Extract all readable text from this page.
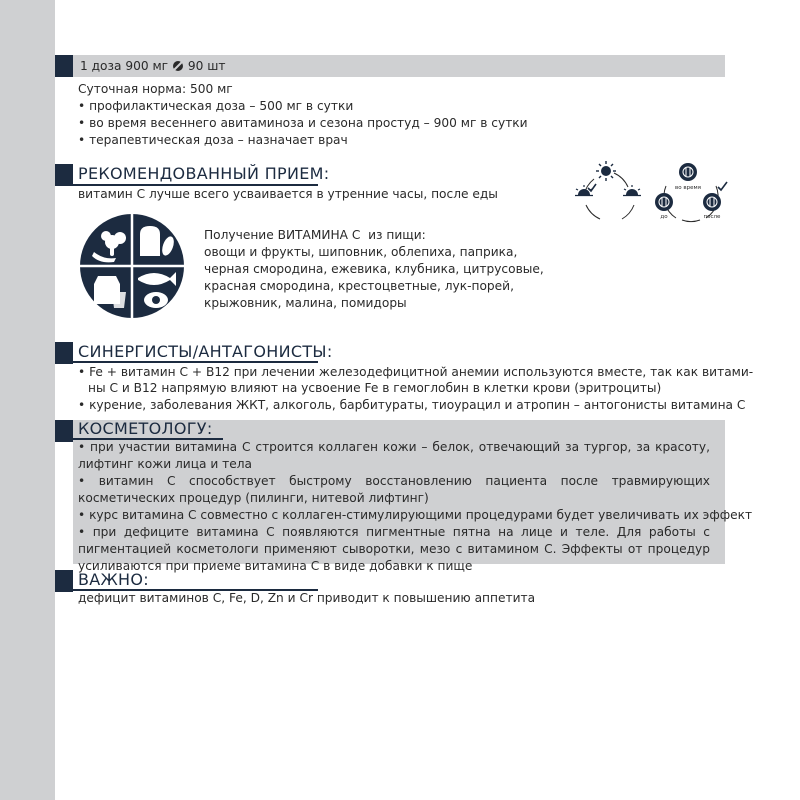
1 доза 900 мг 90 шт
Суточная норма: 500 мг
• профилактическая доза – 500 мг в сутки
• во время весеннего авитаминоза и сезона простуд – 900 мг в сутки
• терапевтическая доза – назначает врач
РЕКОМЕНДОВАННЫЙ ПРИЕМ:
витамин С лучше всего усваивается в утренние часы, после еды	во время
до	после
Получение ВИТАМИНА С  из пищи:
овощи и фрукты, шиповник, облепиха, паприка,
черная смородина, ежевика, клубника, цитрусовые,
красная смородина, крестоцветные, лук-порей,
крыжовник, малина, помидоры
СИНЕРГИСТЫ/АНТАГОНИСТЫ:
• Fe + витамин С + В12 при лечении железодефицитной анемии используются вместе, так как витами-
ны С и В12 напрямую влияют на усвоение Fe в гемоглобин в клетки крови (эритроциты)
• курение, заболевания ЖКТ, алкоголь, барбитураты, тиоурацил и атропин – антогонисты витамина С
КОСМЕТОЛОГУ:
• при участии витамина С строится коллаген кожи – белок, отвечающий за тургор, за красоту, лифтинг кожи лица и тела
• витамин С способствует быстрому восстановлению пациента после травмирующих косметических процедур (пилинги, нитевой лифтинг)
• курс витамина С совместно с коллаген-стимулирующими процедурами будет увеличивать их эффект
• при дефиците витамина С появляются пигментные пятна на лице и теле. Для работы с пигментацией косметологи применяют сыворотки, мезо с витамином С. Эффекты от процедур усиливаются при приеме витамина С в виде добавки к пище
ВАЖНО:
дефицит витаминов С, Fe, D, Zn и Cr приводит к повышению аппетита
